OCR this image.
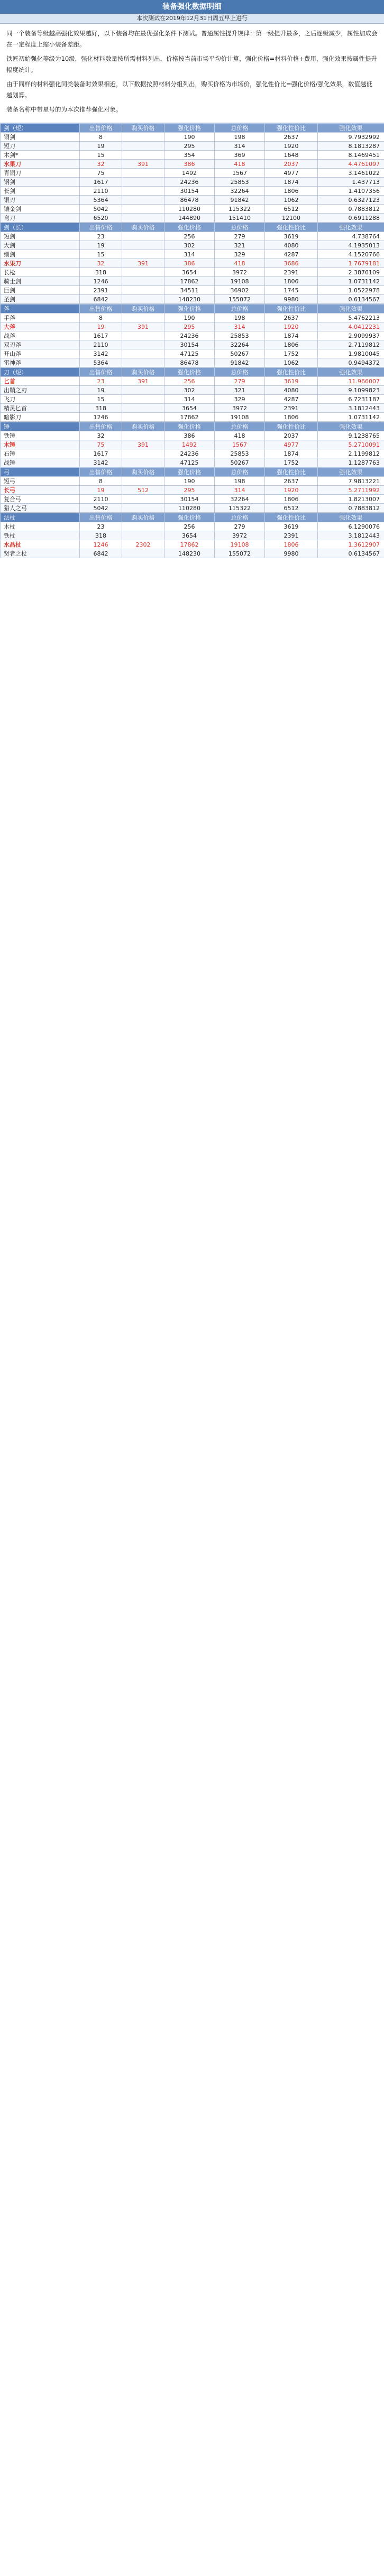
装备强化数据明细
本次测试在2019年12月31日周五早上进行

同一个装备等级越高强化效果越好，以下装备均在最优强化条件下测试。普通属性提升规律：第一级提升最多，之后逐级减少，属性加成会在一定程度上缩小装备差距。

铁匠初始强化等级为10级，强化材料数量按所需材料列出，价格按当前市场平均价计算，强化价格=材料价格+费用，强化效果按属性提升幅度统计。

由于同样的材料强化同类装备时效果相近，以下数据按照材料分组列出，购买价格为市场价，强化性价比=强化价格/强化效果，数值越低越划算。

装备名称中带星号的为本次推荐强化对象。

剑（短）	出售价格	购买价格	强化价格	总价格	强化性价比	强化效果
铜剑	8		190	198	2637	9.7932992
短刀	19		295	314	1920	8.1813287
木剑*	15		354	369	1648	8.1469451
水果刀	32	391	386	418	2037	4.4761097
青铜刀	75		1492	1567	4977	3.1461022
钢剑	1617		24236	25853	1874	1.437713
长剑	2110		30154	32264	1806	1.4107356
银刃	5364		86478	91842	1062	0.6327123
镶金剑	5042		110280	115322	6512	0.7883812
弯刀	6520		144890	151410	12100	0.6911288
剑（长）	出售价格	购买价格	强化价格	总价格	强化性价比	强化效果
短剑	23		256	279	3619	4.738764
大剑	19		302	321	4080	4.1935013
细剑	15		314	329	4287	4.1520766
水果刀	32	391	386	418	3686	1.7679181
长枪	318		3654	3972	2391	2.3876109
骑士剑	1246		17862	19108	1806	1.0731142
巨剑	2391		34511	36902	1745	1.0522978
圣剑	6842		148230	155072	9980	0.6134567
斧	出售价格	购买价格	强化价格	总价格	强化性价比	强化效果
手斧	8		190	198	2637	5.4762213
大斧	19	391	295	314	1920	4.0412231
战斧	1617		24236	25853	1874	2.9099937
双刃斧	2110		30154	32264	1806	2.7119812
开山斧	3142		47125	50267	1752	1.9810045
雷神斧	5364		86478	91842	1062	0.9494372
刀（短）	出售价格	购买价格	强化价格	总价格	强化性价比	强化效果
匕首	23	391	256	279	3619	11.966007
出鞘之刃	19		302	321	4080	9.1099823
飞刀	15		314	329	4287	6.7231187
精灵匕首	318		3654	3972	2391	3.1812443
暗影刀	1246		17862	19108	1806	1.0731142
锤	出售价格	购买价格	强化价格	总价格	强化性价比	强化效果
铁锤	32		386	418	2037	9.1238765
木锤	75	391	1492	1567	4977	5.2710091
石锤	1617		24236	25853	1874	2.1199812
战锤	3142		47125	50267	1752	1.1287763
弓	出售价格	购买价格	强化价格	总价格	强化性价比	强化效果
短弓	8		190	198	2637	7.9813221
长弓	19	512	295	314	1920	5.2711992
复合弓	2110		30154	32264	1806	1.8213007
猎人之弓	5042		110280	115322	6512	0.7883812
法杖	出售价格	购买价格	强化价格	总价格	强化性价比	强化效果
木杖	23		256	279	3619	6.1290076
铁杖	318		3654	3972	2391	3.1812443
水晶杖	1246	2302	17862	19108	1806	1.3612907
贤者之杖	6842		148230	155072	9980	0.6134567
